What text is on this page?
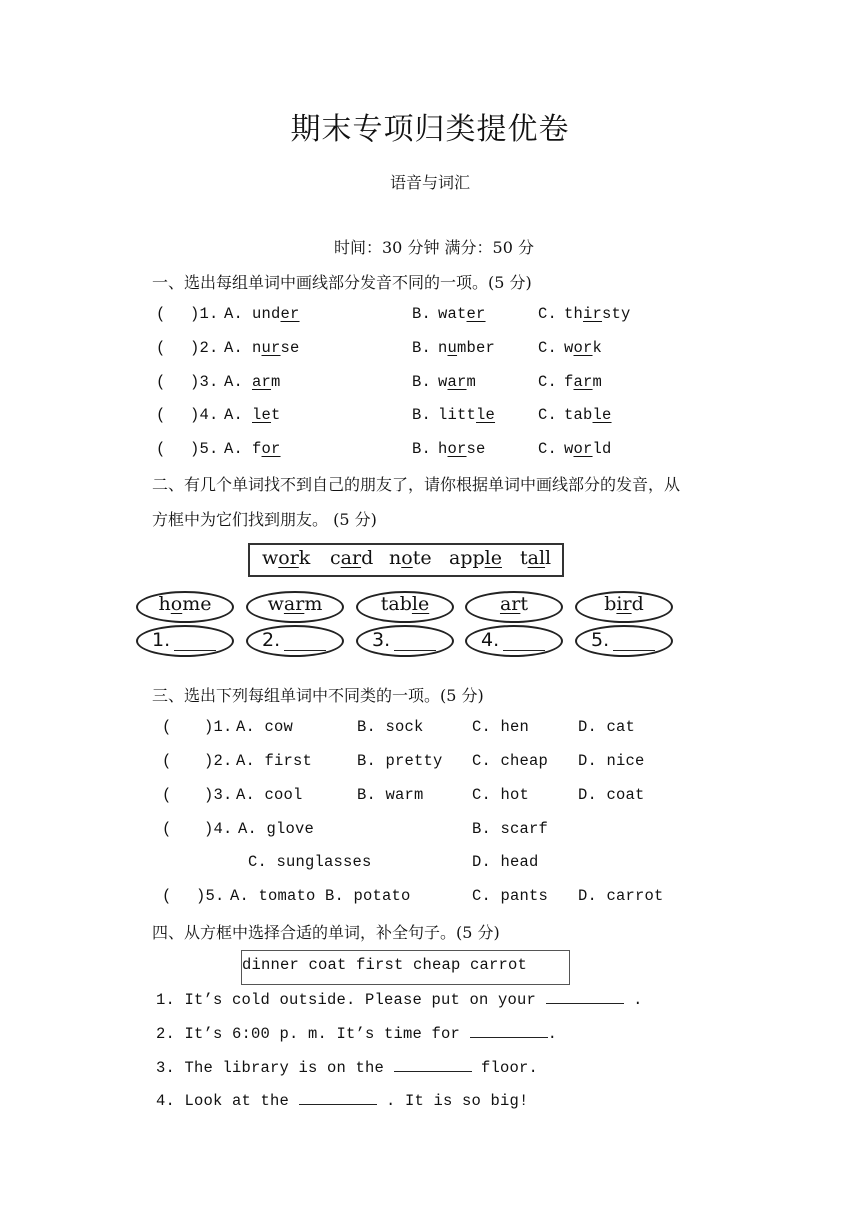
期末专项归类提优卷
语音与词汇
时间：30 分钟 满分：50 分
一、选出每组单词中画线部分发音不同的一项。(5 分)
( )1. A. under	B. water	C. thirsty
( )2. A. nurse	B. number	C. work
( )3. A. arm	B. warm	C. farm
( )4. A. let	B. little	C. table
( )5. A. for	B. horse	C. world
二、有几个单词找不到自己的朋友了，请你根据单词中画线部分的发音，从
方框中为它们找到朋友。 (5 分)
work card note apple tall
home
1.
warm
2.
table
3.
art
4.
bird
5.
三、选出下列每组单词中不同类的一项。(5 分)
( )1. A. cow	B. sock	C. hen	D. cat
( )2. A. first	B. pretty C. cheap D. nice
( )3. A. cool	B. warm	C. hot	D. coat
( )4. A. glove	B. scarf
C. sunglasses	D. head
( )5. A. tomato B. potato	C. pants D. carrot
四、从方框中选择合适的单词，补全句子。(5 分)
dinner coat first cheap carrot
1. It’s cold outside. Please put on your	.
2. It’s 6:00 p. m. It’s time for	.
3. The library is on the	floor.
4. Look at the	. It is so big!
